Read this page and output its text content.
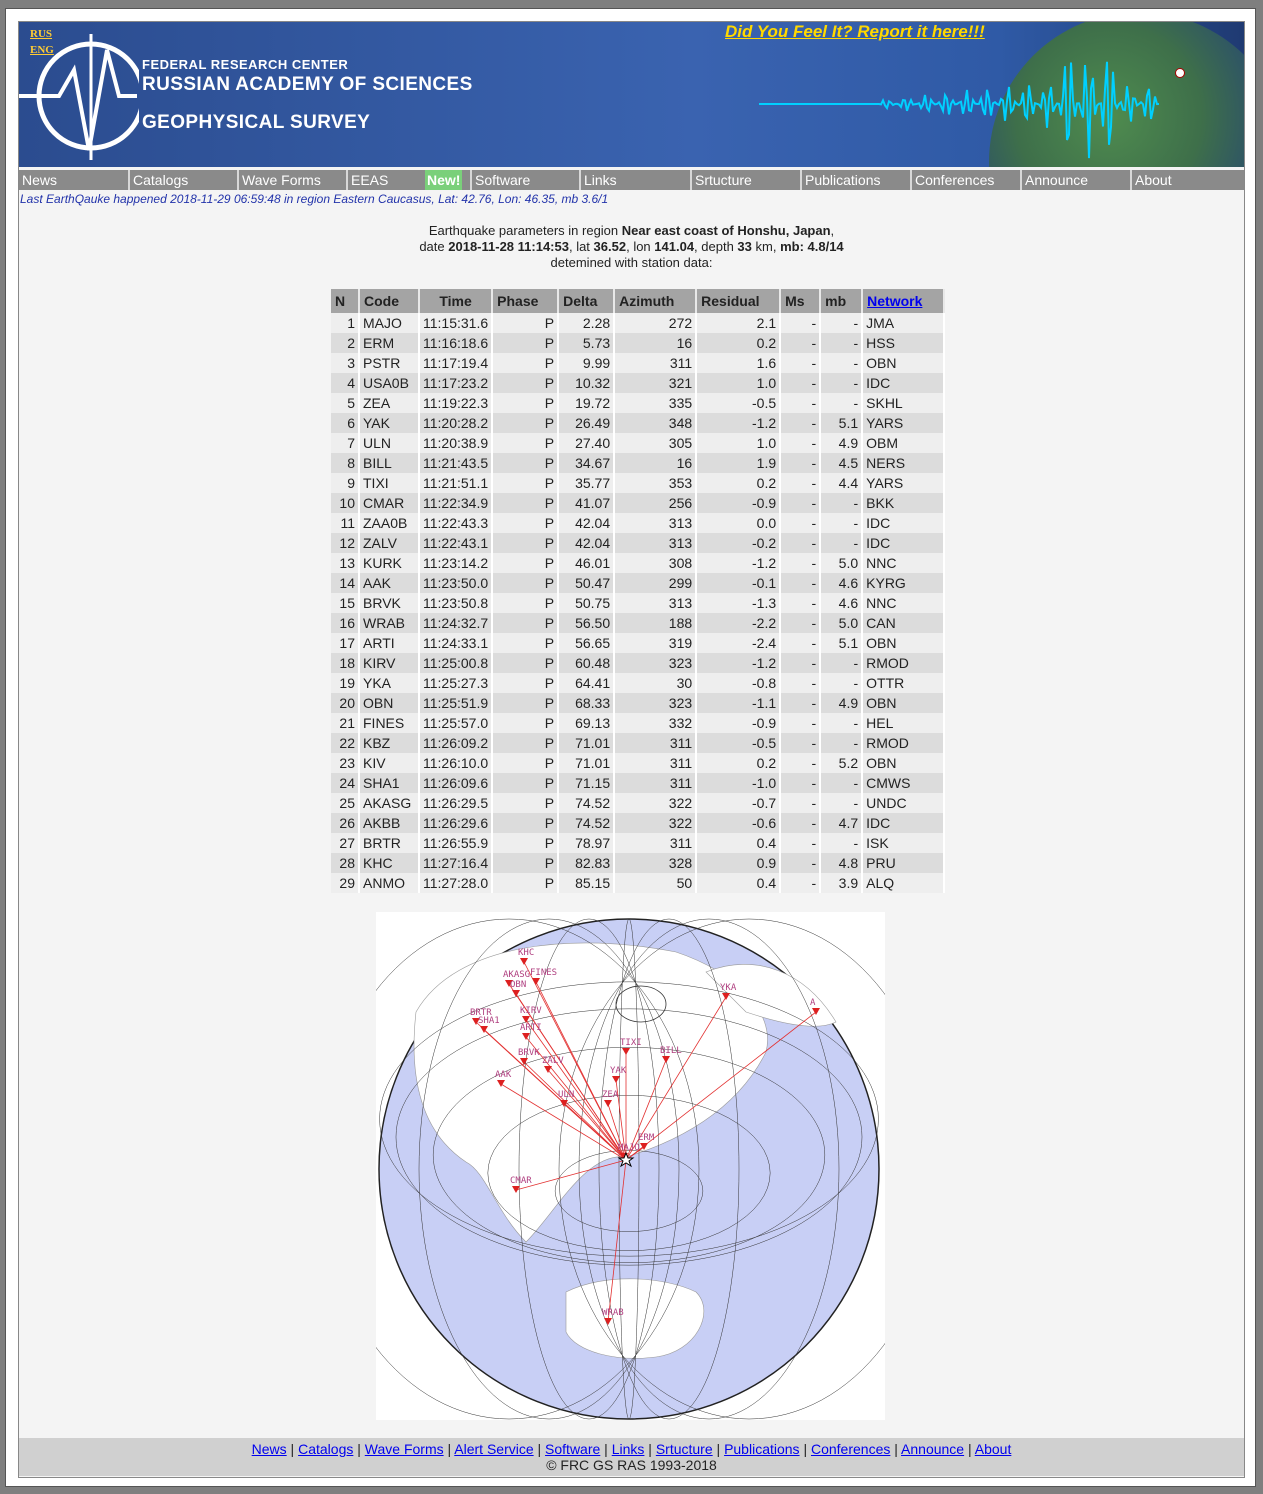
RUS
ENG
FEDERAL RESEARCH CENTER
RUSSIAN ACADEMY OF SCIENCES
GEOPHYSICAL SURVEY
Did You Feel It? Report it here!!!
News	Catalogs	Wave Forms	EEAS	New!	Software	Links	Srtucture	Publications	Conferences	Announce	About
Last EarthQauke happened 2018-11-29 06:59:48 in region Eastern Caucasus, Lat: 42.76, Lon: 46.35, mb 3.6/1
Earthquake parameters in region Near east coast of Honshu, Japan,
date 2018-11-28 11:14:53, lat 36.52, lon 141.04, depth 33 km, mb: 4.8/14
detemined with station data:
N	Code	Time	Phase	Delta	Azimuth	Residual	Ms	mb	Network
1	MAJO	11:15:31.6	P	2.28	272	2.1	-	-	JMA
2	ERM	11:16:18.6	P	5.73	16	0.2	-	-	HSS
3	PSTR	11:17:19.4	P	9.99	311	1.6	-	-	OBN
4	USA0B	11:17:23.2	P	10.32	321	1.0	-	-	IDC
5	ZEA	11:19:22.3	P	19.72	335	-0.5	-	-	SKHL
6	YAK	11:20:28.2	P	26.49	348	-1.2	-	5.1	YARS
7	ULN	11:20:38.9	P	27.40	305	1.0	-	4.9	OBM
8	BILL	11:21:43.5	P	34.67	16	1.9	-	4.5	NERS
9	TIXI	11:21:51.1	P	35.77	353	0.2	-	4.4	YARS
10	CMAR	11:22:34.9	P	41.07	256	-0.9	-	-	BKK
11	ZAA0B	11:22:43.3	P	42.04	313	0.0	-	-	IDC
12	ZALV	11:22:43.1	P	42.04	313	-0.2	-	-	IDC
13	KURK	11:23:14.2	P	46.01	308	-1.2	-	5.0	NNC
14	AAK	11:23:50.0	P	50.47	299	-0.1	-	4.6	KYRG
15	BRVK	11:23:50.8	P	50.75	313	-1.3	-	4.6	NNC
16	WRAB	11:24:32.7	P	56.50	188	-2.2	-	5.0	CAN
17	ARTI	11:24:33.1	P	56.65	319	-2.4	-	5.1	OBN
18	KIRV	11:25:00.8	P	60.48	323	-1.2	-	-	RMOD
19	YKA	11:25:27.3	P	64.41	30	-0.8	-	-	OTTR
20	OBN	11:25:51.9	P	68.33	323	-1.1	-	4.9	OBN
21	FINES	11:25:57.0	P	69.13	332	-0.9	-	-	HEL
22	KBZ	11:26:09.2	P	71.01	311	-0.5	-	-	RMOD
23	KIV	11:26:10.0	P	71.01	311	0.2	-	5.2	OBN
24	SHA1	11:26:09.6	P	71.15	311	-1.0	-	-	CMWS
25	AKASG	11:26:29.5	P	74.52	322	-0.7	-	-	UNDC
26	AKBB	11:26:29.6	P	74.52	322	-0.6	-	4.7	IDC
27	BRTR	11:26:55.9	P	78.97	311	0.4	-	-	ISK
28	KHC	11:27:16.4	P	82.83	328	0.9	-	4.8	PRU
29	ANMO	11:27:28.0	P	85.15	50	0.4	-	3.9	ALQ
KHC
FINES
AKASG
OBN
BRTR
SHA1
KIRV
ARTI
BRVK
ZALV
AAK
ULN	ZEA
YAK
TIXI
BILL
YKA
A
ERM
MAJO
CMAR
WRAB
News | Catalogs | Wave Forms | Alert Service | Software | Links | Srtucture | Publications | Conferences | Announce | About
© FRC GS RAS 1993-2018
